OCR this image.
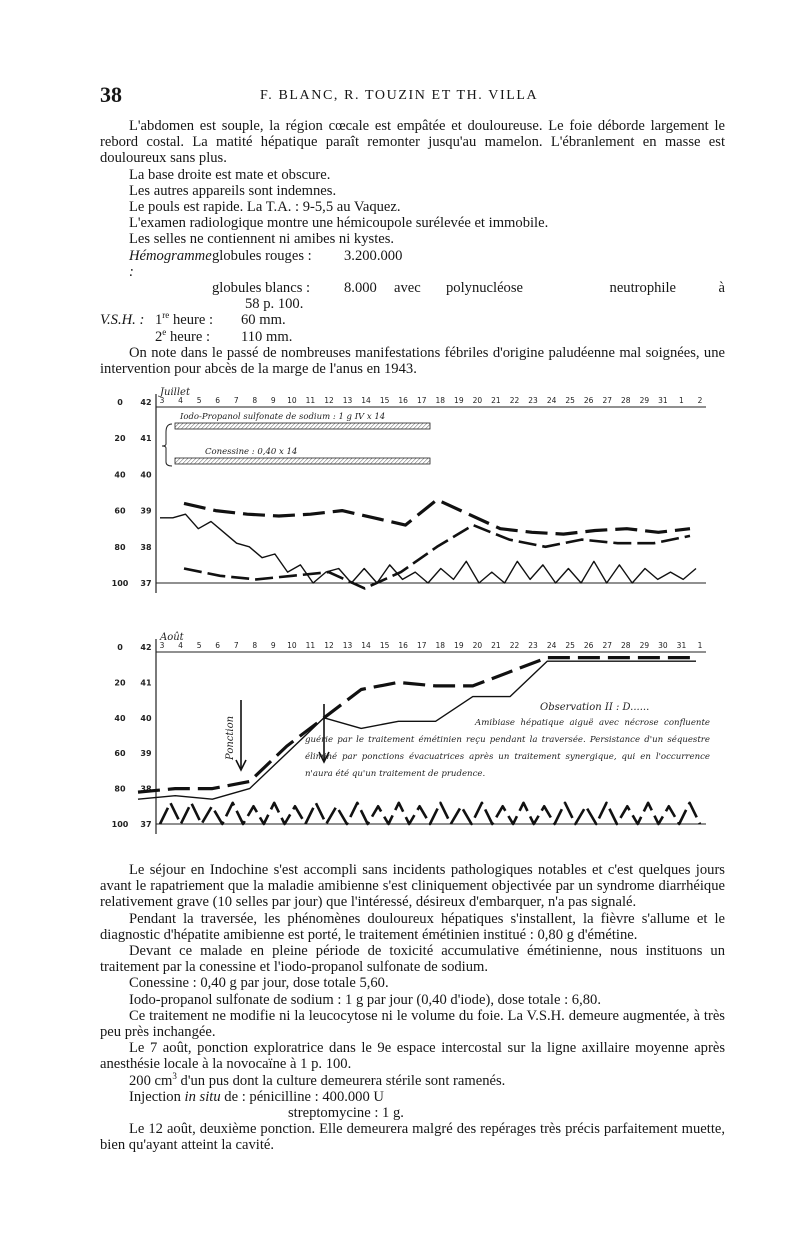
38	F. BLANC, R. TOUZIN ET TH. VILLA

L'abdomen est souple, la région cœcale est empâtée et douloureuse. Le foie déborde largement le rebord costal. La matité hépatique paraît remonter jusqu'au mamelon. L'ébranlement en masse est douloureux sans plus.

La base droite est mate et obscure.

Les autres appareils sont indemnes.

Le pouls est rapide. La T.A. : 9-5,5 au Vaquez.

L'examen radiologique montre une hémicoupole surélevée et immobile.

Les selles ne contiennent ni amibes ni kystes.

Hémogramme :
globules rouges :	3.200.000
globules blancs :	8.000	avec	polynucléose	neutrophile	à
58 p. 100.
V.S.H. : 1re heure :	60 mm.
2e heure :	110 mm.

On note dans le passé de nombreuses manifestations fébriles d'origine paludéenne mal soignées, une intervention pour abcès de la marge de l'anus en 1943.

Juillet
3 4 5 6 7 8 9 10 11 12 13 14 15 16 17 18 19 20 21 22 23 24 25 26 27 28 29 31 1 2
42
0
41
20
40
40
39
60
38
80
37
100
Iodo-Propanol sulfonate de sodium : 1 g IV x 14
Conessine : 0,40 x 14
Août
3 4 5 6 7 8 9 10 11 12 13 14 15 16 17 18 19 20 21 22 23 24 25 26 27 28 29 30 31 1
42
0
41
20
40
40
39
60
38
80
37
100
Ponction
Observation II : D......
Amibiase hépatique aiguë avec nécrose confluente guérie par le traitement émétinien reçu pendant la traversée. Persistance d'un séquestre éliminé par ponctions évacuatrices après un traitement synergique, qui en l'occurrence n'aura été qu'un traitement de prudence.

Le séjour en Indochine s'est accompli sans incidents pathologiques notables et c'est quelques jours avant le rapatriement que la maladie amibienne s'est cliniquement objectivée par un syndrome diarrhéique relativement grave (10 selles par jour) que l'intéressé, désireux d'embarquer, n'a pas signalé.

Pendant la traversée, les phénomènes douloureux hépatiques s'installent, la fièvre s'allume et le diagnostic d'hépatite amibienne est porté, le traitement émétinien institué : 0,80 g d'émétine.

Devant ce malade en pleine période de toxicité accumulative émétinienne, nous instituons un traitement par la conessine et l'iodo-propanol sulfonate de sodium.

Conessine : 0,40 g par jour, dose totale 5,60.

Iodo-propanol sulfonate de sodium : 1 g par jour (0,40 d'iode), dose totale : 6,80.

Ce traitement ne modifie ni la leucocytose ni le volume du foie. La V.S.H. demeure augmentée, à très peu près inchangée.

Le 7 août, ponction exploratrice dans le 9e espace intercostal sur la ligne axillaire moyenne après anesthésie locale à la novocaïne à 1 p. 100.

200 $cm^3$ d'un pus dont la culture demeurera stérile sont ramenés.

Injection in situ de : pénicilline : 400.000 U

streptomycine : 1 g.

Le 12 août, deuxième ponction. Elle demeurera malgré des repérages très précis parfaitement muette, bien qu'ayant atteint la cavité.
